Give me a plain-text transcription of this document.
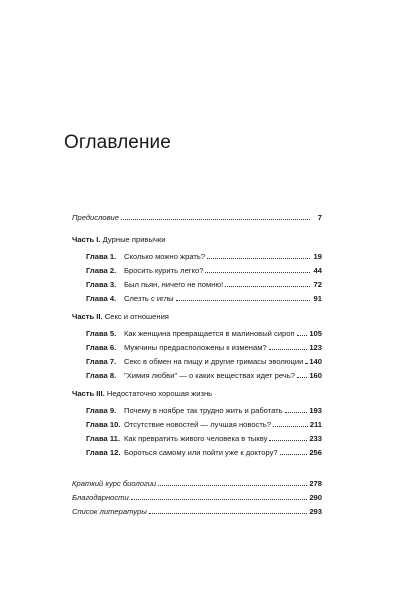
Оглавление
Предисловие	7
Часть I. Дурные привычки
Глава 1.	Сколько можно жрать?	19
Глава 2.	Бросить курить легко?	44
Глава 3.	Был пьян, ничего не помню!	72
Глава 4.	Слезть с иглы	91
Часть II. Секс и отношения
Глава 5.	Как женщина превращается в малиновый сироп 105
Глава 6.	Мужчины предрасположены к изменам?	123
Глава 7.	Секс в обмен на пищу и другие гримасы эволюции 140
Глава 8.	"Химия любви" — о каких веществах идет речь? 160
Часть III. Недостаточно хорошая жизнь
Глава 9.	Почему в ноябре так трудно жить и работать	193
Глава 10. Отсутствие новостей — лучшая новость?	211
Глава 11. Как превратить живого человека в тыкву	233
Глава 12. Бороться самому или пойти уже к доктору?	256
Краткий курс биологии	278
Благодарности	290
Список литературы	293
